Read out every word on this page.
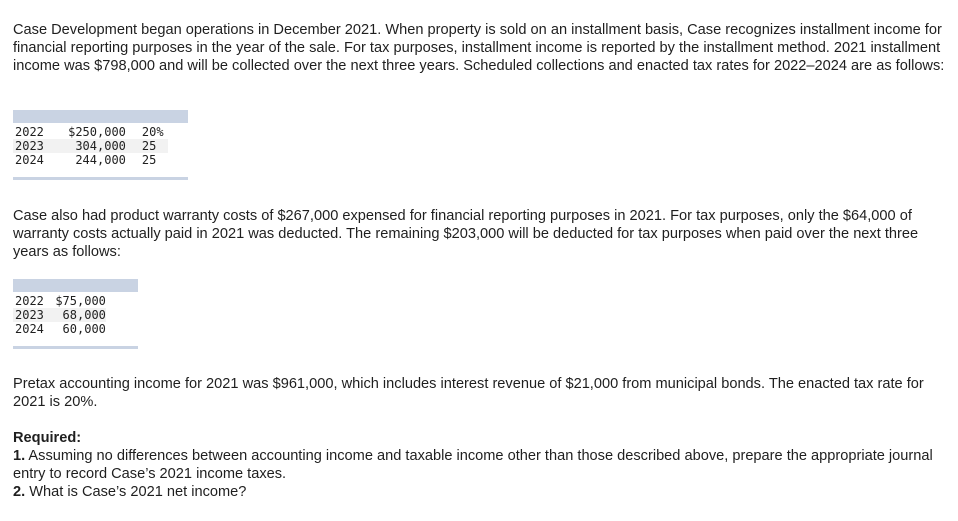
Case Development began operations in December 2021. When property is sold on an installment basis, Case recognizes installment income for financial reporting purposes in the year of the sale. For tax purposes, installment income is reported by the installment method. 2021 installment income was $798,000 and will be collected over the next three years. Scheduled collections and enacted tax rates for 2022–2024 are as follows:

2022	$250,000	20%
2023	304,000	25
2024	244,000	25

Case also had product warranty costs of $267,000 expensed for financial reporting purposes in 2021. For tax purposes, only the $64,000 of warranty costs actually paid in 2021 was deducted. The remaining $203,000 will be deducted for tax purposes when paid over the next three years as follows:

2022	$75,000
2023	68,000
2024	60,000

Pretax accounting income for 2021 was $961,000, which includes interest revenue of $21,000 from municipal bonds. The enacted tax rate for 2021 is 20%.

Required:
1. Assuming no differences between accounting income and taxable income other than those described above, prepare the appropriate journal entry to record Case’s 2021 income taxes.
2. What is Case’s 2021 net income?
